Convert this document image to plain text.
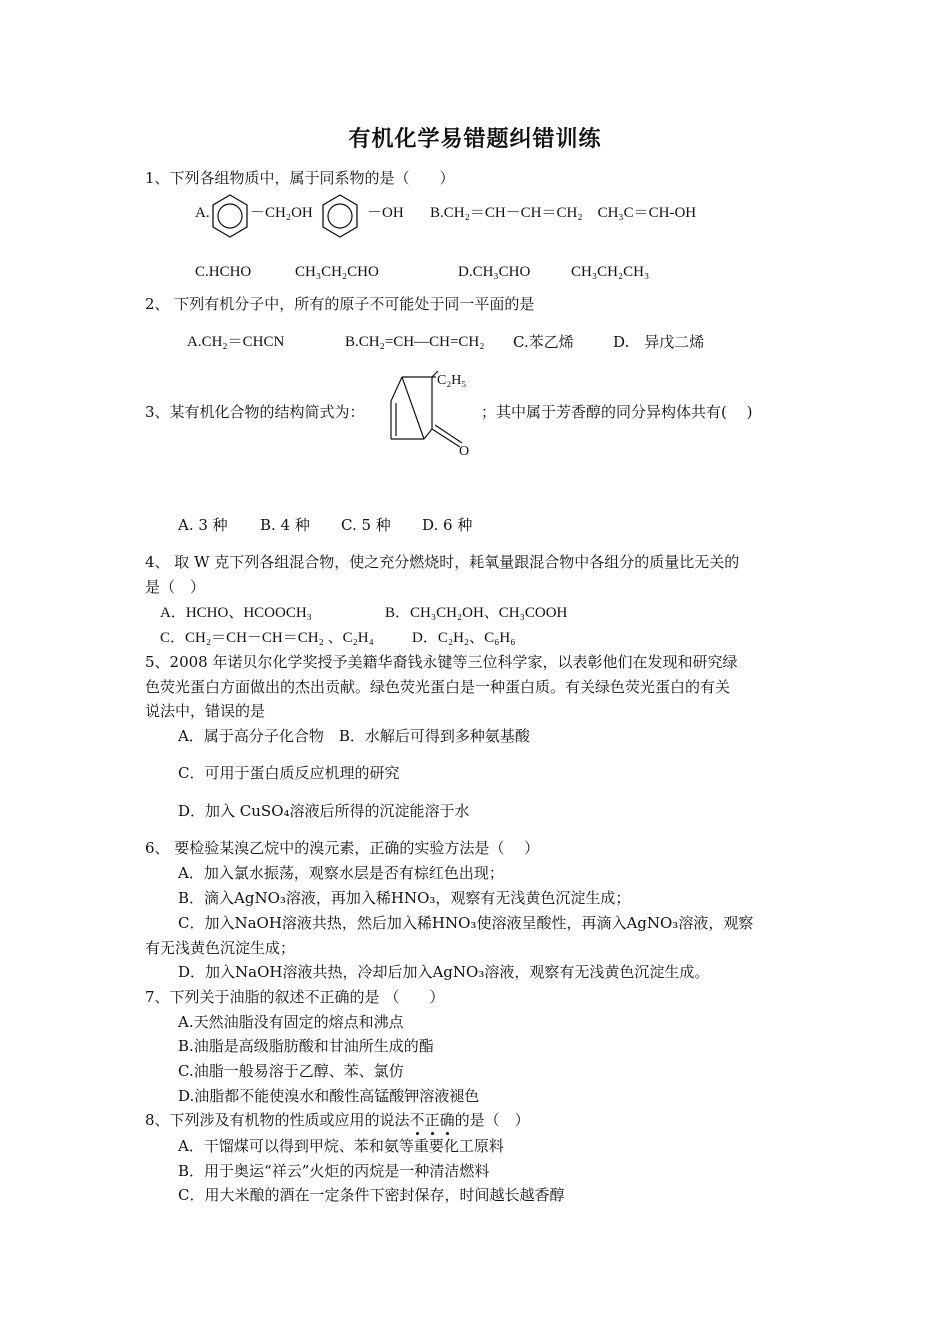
有机化学易错题纠错训练
1、下列各组物质中，属于同系物的是（　　）
A.	－CH₂OH	－OH B.CH₂＝CH－CH＝CH₂　CH₃C＝CH-OH
C.HCHO	CH₃CH₂CHO	D.CH₃CHO	CH₃CH₂CH₃
2、 下列有机分子中，所有的原子不可能处于同一平面的是
A.CH₂＝CHCN	B.CH₂=CH—CH=CH₂ C.苯乙烯	D.　异戊二烯
3、某有机化合物的结构简式为：
C₂H₅
O
；其中属于芳香醇的同分异构体共有(　 )
A. 3 种 B. 4 种 C. 5 种 D. 6 种
4、 取 W 克下列各组混合物，使之充分燃烧时，耗氧量跟混合物中各组分的质量比无关的
是（　）
A．HCHO、HCOOCH₃	B．CH₃CH₂OH、CH₃COOH
C．CH₂＝CH－CH＝CH₂ 、C₂H₄	D．C₂H₂、C₆H₆
5、2008 年诺贝尔化学奖授予美籍华裔钱永键等三位科学家，以表彰他们在发现和研究绿
色荧光蛋白方面做出的杰出贡献。绿色荧光蛋白是一种蛋白质。有关绿色荧光蛋白的有关
说法中，错误的是
A．属于高分子化合物　B．水解后可得到多种氨基酸
C．可用于蛋白质反应机理的研究
D．加入 CuSO₄溶液后所得的沉淀能溶于水
6、 要检验某溴乙烷中的溴元素，正确的实验方法是（　 ）
A．加入氯水振荡，观察水层是否有棕红色出现；
B．滴入AgNO₃溶液，再加入稀HNO₃，观察有无浅黄色沉淀生成；
C．加入NaOH溶液共热，然后加入稀HNO₃使溶液呈酸性，再滴入AgNO₃溶液，观察
有无浅黄色沉淀生成；
D．加入NaOH溶液共热，冷却后加入AgNO₃溶液，观察有无浅黄色沉淀生成。
7、下列关于油脂的叙述不正确的是 （　　）
A.天然油脂没有固定的熔点和沸点
B.油脂是高级脂肪酸和甘油所生成的酯
C.油脂一般易溶于乙醇、苯、氯仿
D.油脂都不能使溴水和酸性高锰酸钾溶液褪色
8、下列涉及有机物的性质或应用的说法不正确的是（　）
A．干馏煤可以得到甲烷、苯和氨等重要化工原料
B．用于奥运“祥云”火炬的丙烷是一种清洁燃料
C．用大米酿的酒在一定条件下密封保存，时间越长越香醇
